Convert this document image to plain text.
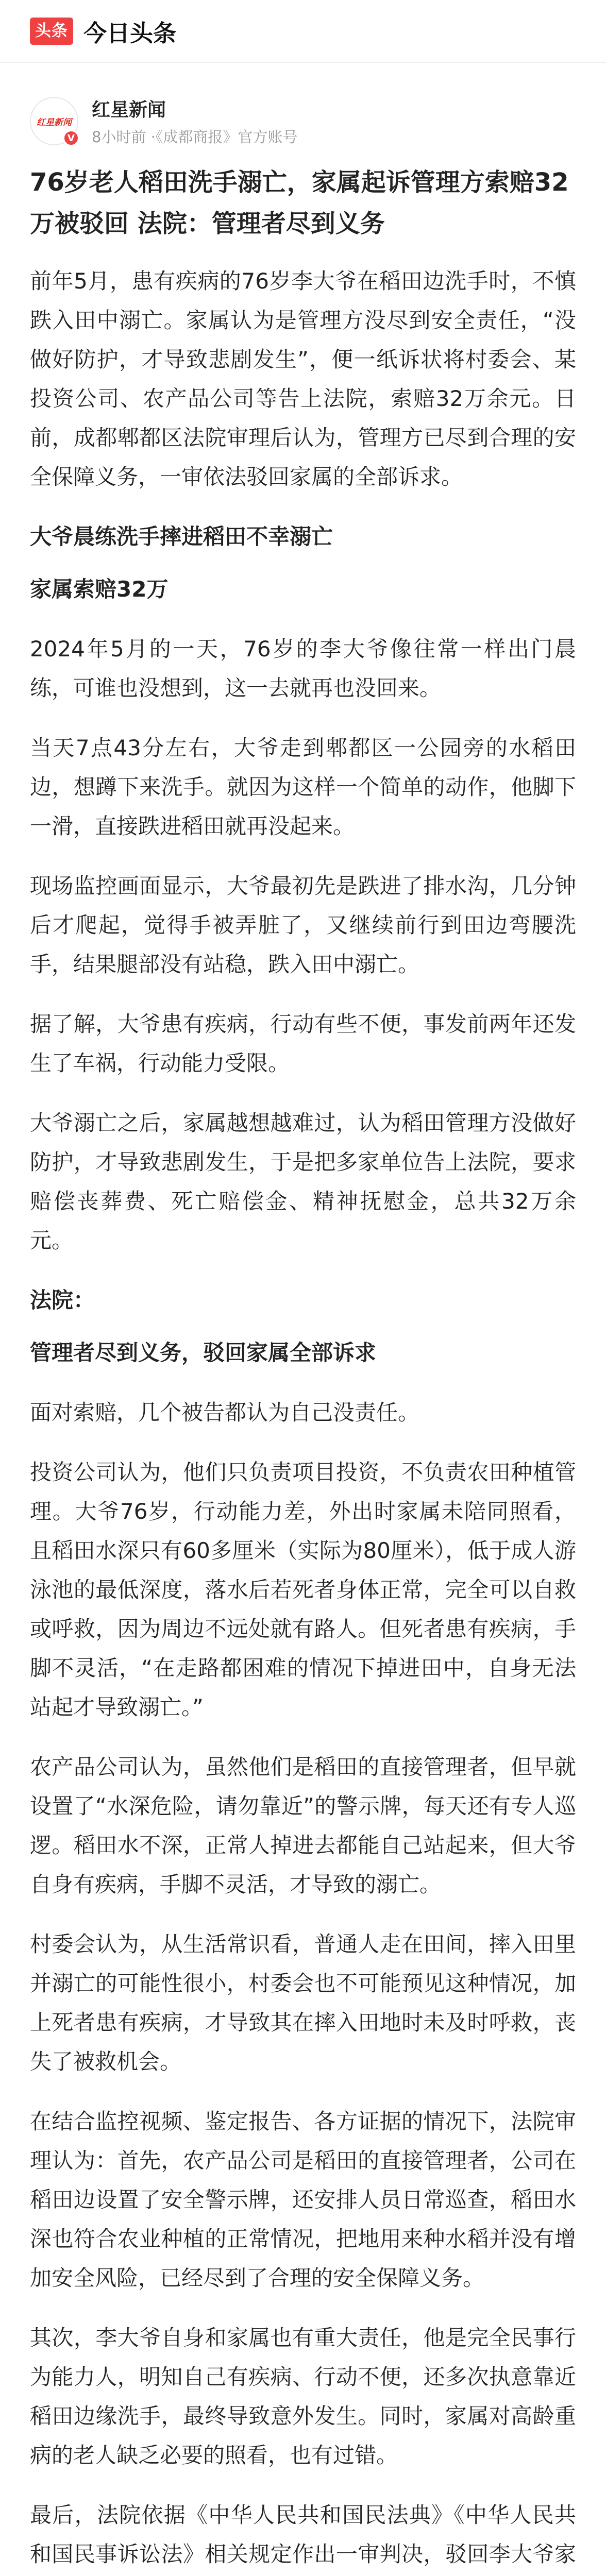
头条 今日头条
红星新闻
V
红星新闻
8小时前 ·《成都商报》官方账号
76岁老人稻田洗手溺亡，家属起诉管理方索赔32万被驳回 法院：管理者尽到义务

前年5月，患有疾病的76岁李大爷在稻田边洗手时，不慎跌入田中溺亡。家属认为是管理方没尽到安全责任，“没做好防护，才导致悲剧发生”，便一纸诉状将村委会、某投资公司、农产品公司等告上法院，索赔32万余元。日前，成都郫都区法院审理后认为，管理方已尽到合理的安全保障义务，一审依法驳回家属的全部诉求。

大爷晨练洗手摔进稻田不幸溺亡

家属索赔32万

2024年5月的一天，76岁的李大爷像往常一样出门晨练，可谁也没想到，这一去就再也没回来。

当天7点43分左右，大爷走到郫都区一公园旁的水稻田边，想蹲下来洗手。就因为这样一个简单的动作，他脚下一滑，直接跌进稻田就再没起来。

现场监控画面显示，大爷最初先是跌进了排水沟，几分钟后才爬起，觉得手被弄脏了，又继续前行到田边弯腰洗手，结果腿部没有站稳，跌入田中溺亡。

据了解，大爷患有疾病，行动有些不便，事发前两年还发生了车祸，行动能力受限。

大爷溺亡之后，家属越想越难过，认为稻田管理方没做好防护，才导致悲剧发生，于是把多家单位告上法院，要求赔偿丧葬费、死亡赔偿金、精神抚慰金，总共32万余元。

法院：

管理者尽到义务，驳回家属全部诉求

面对索赔，几个被告都认为自己没责任。

投资公司认为，他们只负责项目投资，不负责农田种植管理。大爷76岁，行动能力差，外出时家属未陪同照看，且稻田水深只有60多厘米（实际为80厘米），低于成人游泳池的最低深度，落水后若死者身体正常，完全可以自救或呼救，因为周边不远处就有路人。但死者患有疾病，手脚不灵活，“在走路都困难的情况下掉进田中，自身无法站起才导致溺亡。”

农产品公司认为，虽然他们是稻田的直接管理者，但早就设置了“水深危险，请勿靠近”的警示牌，每天还有专人巡逻。稻田水不深，正常人掉进去都能自己站起来，但大爷自身有疾病，手脚不灵活，才导致的溺亡。

村委会认为，从生活常识看，普通人走在田间，摔入田里并溺亡的可能性很小，村委会也不可能预见这种情况，加上死者患有疾病，才导致其在摔入田地时未及时呼救，丧失了被救机会。

在结合监控视频、鉴定报告、各方证据的情况下，法院审理认为：首先，农产品公司是稻田的直接管理者，公司在稻田边设置了安全警示牌，还安排人员日常巡查，稻田水深也符合农业种植的正常情况，把地用来种水稻并没有增加安全风险，已经尽到了合理的安全保障义务。

其次，李大爷自身和家属也有重大责任，他是完全民事行为能力人，明知自己有疾病、行动不便，还多次执意靠近稻田边缘洗手，最终导致意外发生。同时，家属对高龄重病的老人缺乏必要的照看，也有过错。

最后，法院依据《中华人民共和国民法典》《中华人民共和国民事诉讼法》相关规定作出一审判决，驳回李大爷家
